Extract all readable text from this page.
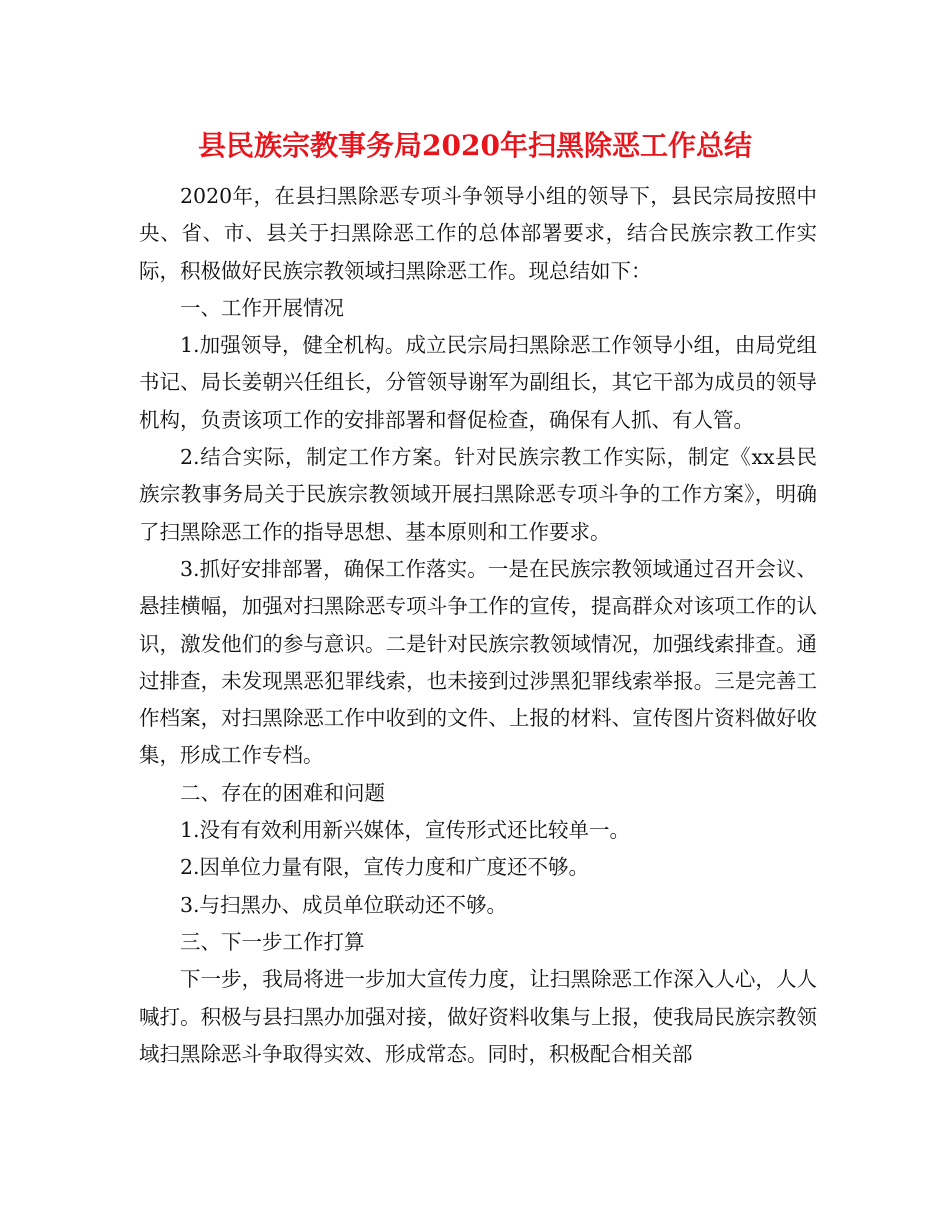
县民族宗教事务局2020年扫黑除恶工作总结

2020年，在县扫黑除恶专项斗争领导小组的领导下，县民宗局按照中央、省、市、县关于扫黑除恶工作的总体部署要求，结合民族宗教工作实际，积极做好民族宗教领域扫黑除恶工作。现总结如下：

一、工作开展情况

1.加强领导，健全机构。成立民宗局扫黑除恶工作领导小组，由局党组书记、局长姜朝兴任组长，分管领导谢军为副组长，其它干部为成员的领导机构，负责该项工作的安排部署和督促检查，确保有人抓、有人管。

2.结合实际，制定工作方案。针对民族宗教工作实际，制定《xx县民族宗教事务局关于民族宗教领域开展扫黑除恶专项斗争的工作方案》，明确了扫黑除恶工作的指导思想、基本原则和工作要求。

3.抓好安排部署，确保工作落实。一是在民族宗教领域通过召开会议、悬挂横幅，加强对扫黑除恶专项斗争工作的宣传，提高群众对该项工作的认识，激发他们的参与意识。二是针对民族宗教领域情况，加强线索排查。通过排查，未发现黑恶犯罪线索，也未接到过涉黑犯罪线索举报。三是完善工作档案，对扫黑除恶工作中收到的文件、上报的材料、宣传图片资料做好收集，形成工作专档。

二、存在的困难和问题

1.没有有效利用新兴媒体，宣传形式还比较单一。

2.因单位力量有限，宣传力度和广度还不够。

3.与扫黑办、成员单位联动还不够。

三、下一步工作打算

下一步，我局将进一步加大宣传力度，让扫黑除恶工作深入人心，人人喊打。积极与县扫黑办加强对接，做好资料收集与上报，使我局民族宗教领域扫黑除恶斗争取得实效、形成常态。同时，积极配合相关部
